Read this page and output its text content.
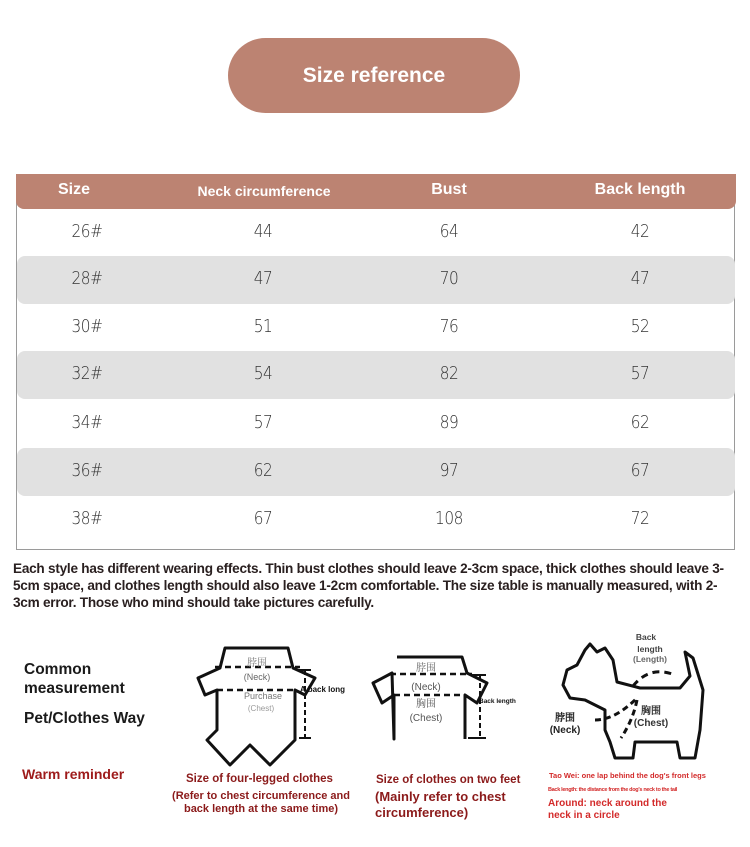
Size reference
Size	Neck circumference	Bust	Back length
26#	44	64	42
28#	47	70	47
30#	51	76	52
32#	54	82	57
34#	57	89	62
36#	62	97	67
38#	67	108	72
Each style has different wearing effects. Thin bust clothes should leave 2-3cm space, thick clothes should leave 3-5cm space, and clothes length should also leave 1-2cm comfortable. The size table is manually measured, with 2-3cm error. Those who mind should take pictures carefully.
Common
measurement
Pet/Clothes Way
Warm reminder
脖围
(Neck)
Purchase
(Chest)
A back long
Size of four-legged clothes
(Refer to chest circumference and
back length at the same time)
脖围
(Neck)
胸围
(Chest)
Back length
Size of clothes on two feet
(Mainly refer to chest
circumference)
Back
length
(Length)
脖围
(Neck)
胸围
(Chest)
Tao Wei: one lap behind the dog's front legs
Back length: the distance from the dog's neck to the tail
Around: neck around the
neck in a circle
